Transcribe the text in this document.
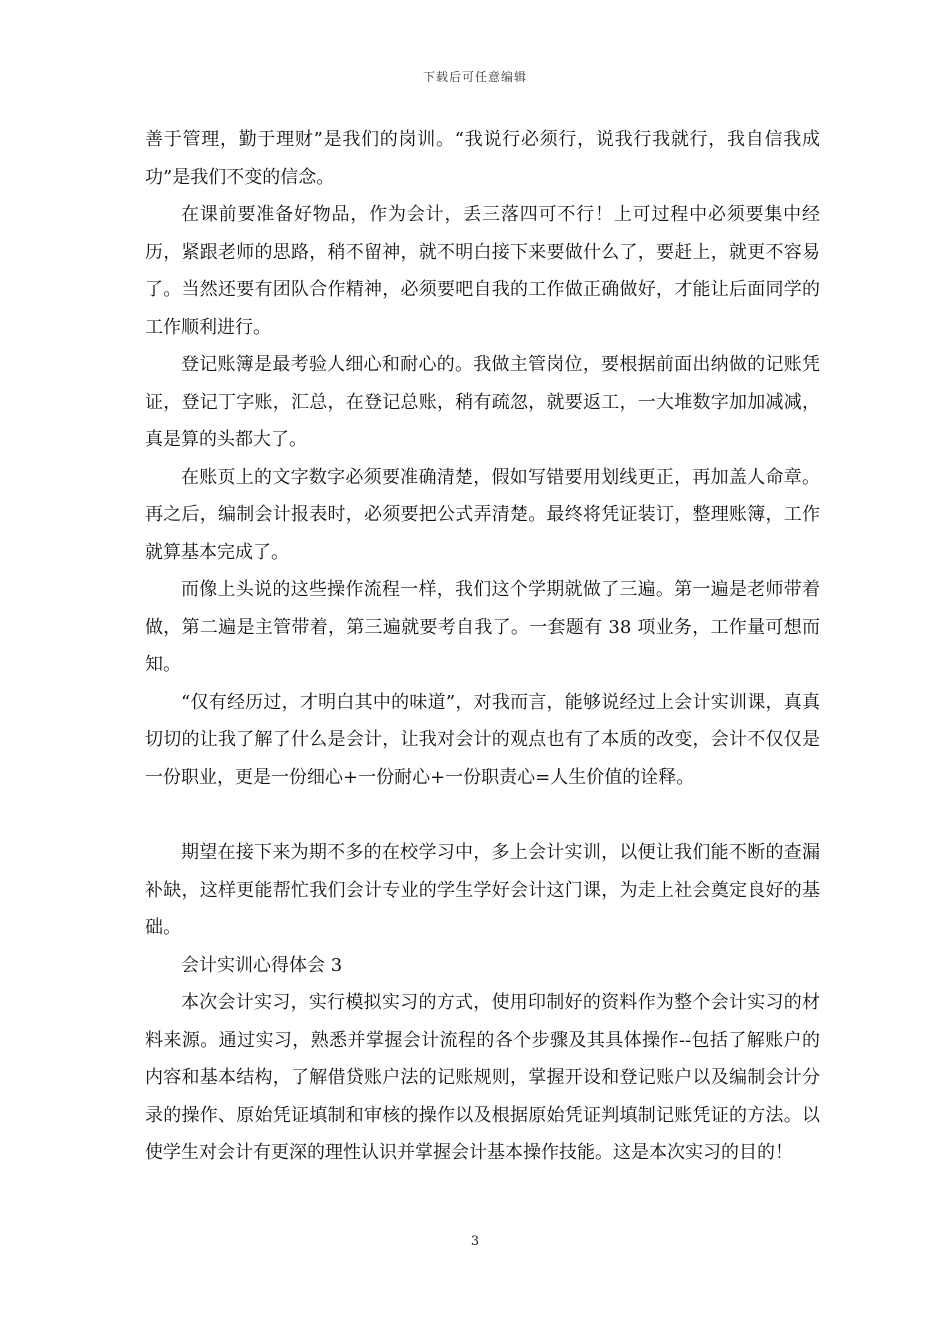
下载后可任意编辑

善于管理，勤于理财”是我们的岗训。“我说行必须行，说我行我就行，我自信我成功”是我们不变的信念。

在课前要准备好物品，作为会计，丢三落四可不行！上可过程中必须要集中经历，紧跟老师的思路，稍不留神，就不明白接下来要做什么了，要赶上，就更不容易了。当然还要有团队合作精神，必须要吧自我的工作做正确做好，才能让后面同学的工作顺利进行。

登记账簿是最考验人细心和耐心的。我做主管岗位，要根据前面出纳做的记账凭证，登记丁字账，汇总，在登记总账，稍有疏忽，就要返工，一大堆数字加加减减，真是算的头都大了。

在账页上的文字数字必须要准确清楚，假如写错要用划线更正，再加盖人命章。再之后，编制会计报表时，必须要把公式弄清楚。最终将凭证装订，整理账簿，工作就算基本完成了。

而像上头说的这些操作流程一样，我们这个学期就做了三遍。第一遍是老师带着做，第二遍是主管带着，第三遍就要考自我了。一套题有 38 项业务，工作量可想而知。

“仅有经历过，才明白其中的味道”，对我而言，能够说经过上会计实训课，真真切切的让我了解了什么是会计，让我对会计的观点也有了本质的改变，会计不仅仅是一份职业，更是一份细心+一份耐心+一份职责心=人生价值的诠释。

期望在接下来为期不多的在校学习中，多上会计实训，以便让我们能不断的查漏补缺，这样更能帮忙我们会计专业的学生学好会计这门课，为走上社会奠定良好的基础。

会计实训心得体会 3

本次会计实习，实行模拟实习的方式，使用印制好的资料作为整个会计实习的材料来源。通过实习，熟悉并掌握会计流程的各个步骤及其具体操作--包括了解账户的内容和基本结构，了解借贷账户法的记账规则，掌握开设和登记账户以及编制会计分录的操作、原始凭证填制和审核的操作以及根据原始凭证判填制记账凭证的方法。以使学生对会计有更深的理性认识并掌握会计基本操作技能。这是本次实习的目的！

3
